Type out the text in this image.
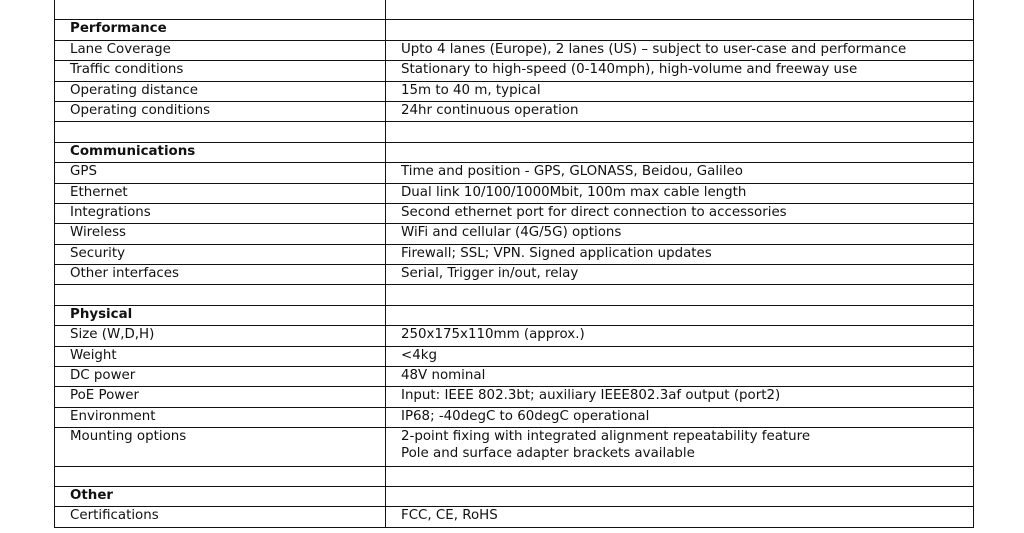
Performance	
Lane Coverage	Upto 4 lanes (Europe), 2 lanes (US) – subject to user-case and performance

Traffic conditions	Stationary to high-speed (0-140mph), high-volume and freeway use

Operating distance	15m to 40 m, typical

Operating conditions	24hr continuous operation

Communications	
GPS	Time and position - GPS, GLONASS, Beidou, Galileo

Ethernet	Dual link 10/100/1000Mbit, 100m max cable length

Integrations	Second ethernet port for direct connection to accessories

Wireless	WiFi and cellular (4G/5G) options

Security	Firewall; SSL; VPN. Signed application updates

Other interfaces	Serial, Trigger in/out, relay

Physical	
Size (W,D,H)	250x175x110mm (approx.)

Weight	<4kg

DC power	48V nominal

PoE Power	Input: IEEE 802.3bt; auxiliary IEEE802.3af output (port2)

Environment	IP68; -40degC to 60degC operational

Mounting options	2-point fixing with integrated alignment repeatability feature
Pole and surface adapter brackets available

Other	
Certifications	FCC, CE, RoHS
